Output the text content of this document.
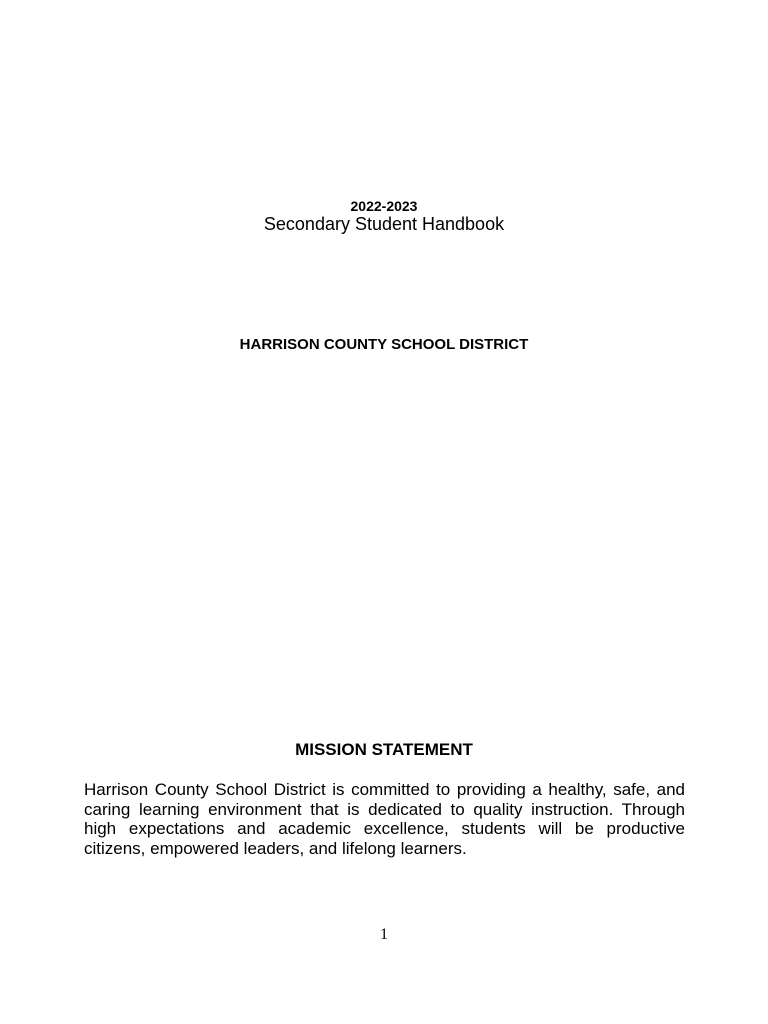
2022-2023
Secondary Student Handbook
HARRISON COUNTY SCHOOL DISTRICT
MISSION STATEMENT
Harrison County School District is committed to providing a healthy, safe, and caring learning environment that is dedicated to quality instruction. Through high expectations and academic excellence, students will be productive citizens, empowered leaders, and lifelong learners.
1
